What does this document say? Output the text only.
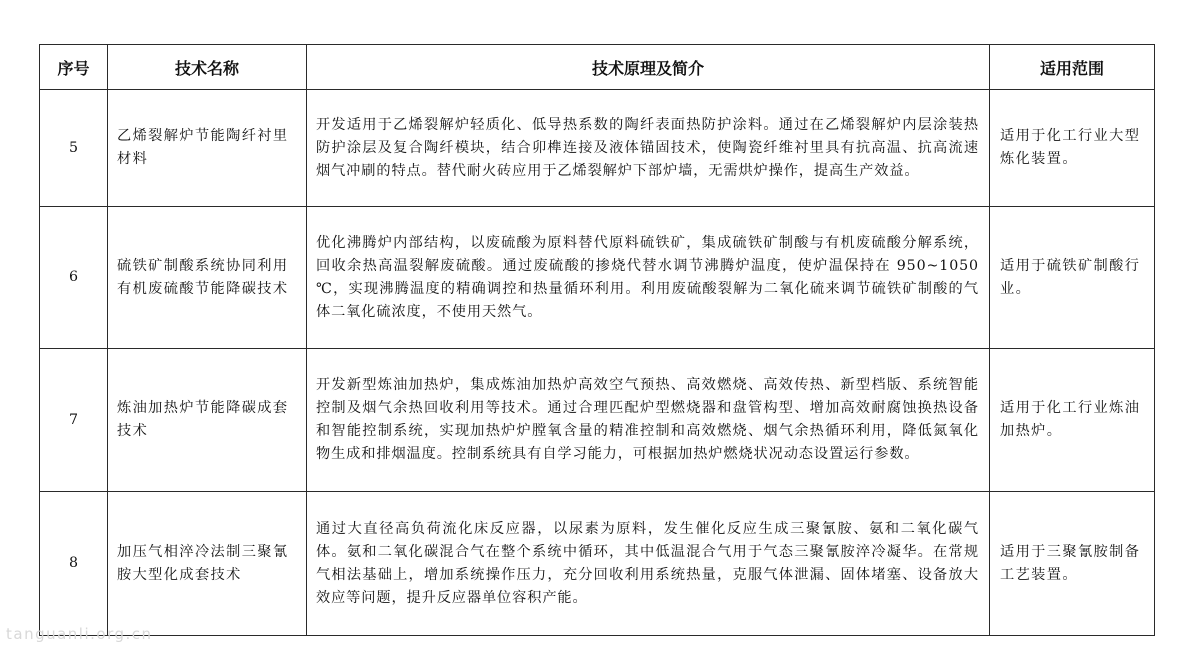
序号	技术名称	技术原理及简介	适用范围
5	乙烯裂解炉节能陶纤衬里材料	开发适用于乙烯裂解炉轻质化、低导热系数的陶纤表面热防护涂料。通过在乙烯裂解炉内层涂装热防护涂层及复合陶纤模块，结合卯榫连接及液体锚固技术，使陶瓷纤维衬里具有抗高温、抗高流速烟气冲刷的特点。替代耐火砖应用于乙烯裂解炉下部炉墙，无需烘炉操作，提高生产效益。	适用于化工行业大型炼化装置。
6	硫铁矿制酸系统协同利用有机废硫酸节能降碳技术	优化沸腾炉内部结构，以废硫酸为原料替代原料硫铁矿，集成硫铁矿制酸与有机废硫酸分解系统，回收余热高温裂解废硫酸。通过废硫酸的掺烧代替水调节沸腾炉温度，使炉温保持在 950~1050 ℃，实现沸腾温度的精确调控和热量循环利用。利用废硫酸裂解为二氧化硫来调节硫铁矿制酸的气体二氧化硫浓度，不使用天然气。	适用于硫铁矿制酸行业。
7	炼油加热炉节能降碳成套技术	开发新型炼油加热炉，集成炼油加热炉高效空气预热、高效燃烧、高效传热、新型档版、系统智能控制及烟气余热回收利用等技术。通过合理匹配炉型燃烧器和盘管构型、增加高效耐腐蚀换热设备和智能控制系统，实现加热炉炉膛氧含量的精准控制和高效燃烧、烟气余热循环利用，降低氮氧化物生成和排烟温度。控制系统具有自学习能力，可根据加热炉燃烧状况动态设置运行参数。	适用于化工行业炼油加热炉。
8	加压气相淬冷法制三聚氰胺大型化成套技术	通过大直径高负荷流化床反应器，以尿素为原料，发生催化反应生成三聚氰胺、氨和二氧化碳气体。氨和二氧化碳混合气在整个系统中循环，其中低温混合气用于气态三聚氰胺淬冷凝华。在常规气相法基础上，增加系统操作压力，充分回收利用系统热量，克服气体泄漏、固体堵塞、设备放大效应等问题，提升反应器单位容积产能。	适用于三聚氰胺制备工艺装置。
tanguanli.org.cn
